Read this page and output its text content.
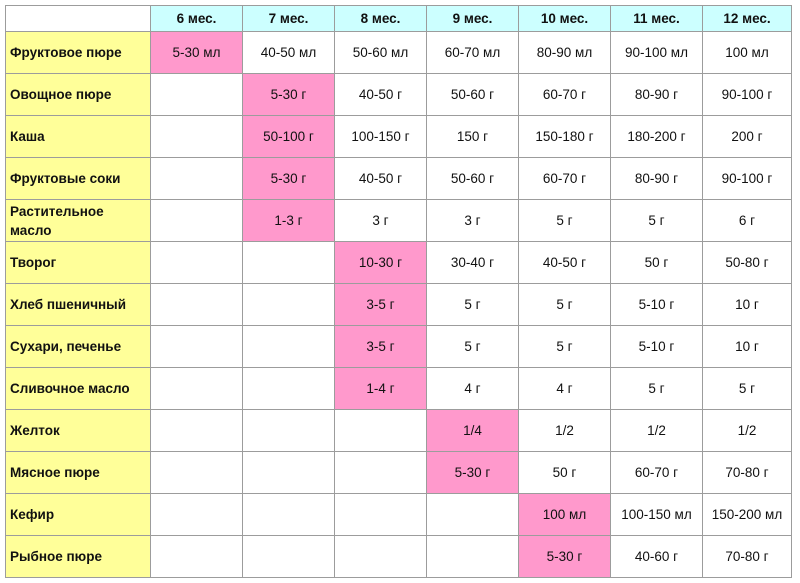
	6 мес.	7 мес.	8 мес.	9 мес.	10 мес.	11 мес.	12 мес.
Фруктовое пюре	5-30 мл	40-50 мл	50-60 мл	60-70 мл	80-90 мл	90-100 мл	100 мл
Овощное пюре		5-30 г	40-50 г	50-60 г	60-70 г	80-90 г	90-100 г
Каша		50-100 г	100-150 г	150 г	150-180 г	180-200 г	200 г
Фруктовые соки		5-30 г	40-50 г	50-60 г	60-70 г	80-90 г	90-100 г
Растительное масло		1-3 г	3 г	3 г	5 г	5 г	6 г
Творог			10-30 г	30-40 г	40-50 г	50 г	50-80 г
Хлеб пшеничный			3-5 г	5 г	5 г	5-10 г	10 г
Сухари, печенье			3-5 г	5 г	5 г	5-10 г	10 г
Сливочное масло			1-4 г	4 г	4 г	5 г	5 г
Желток				1/4	1/2	1/2	1/2
Мясное пюре				5-30 г	50 г	60-70 г	70-80 г
Кефир					100 мл	100-150 мл	150-200 мл
Рыбное пюре					5-30 г	40-60 г	70-80 г
